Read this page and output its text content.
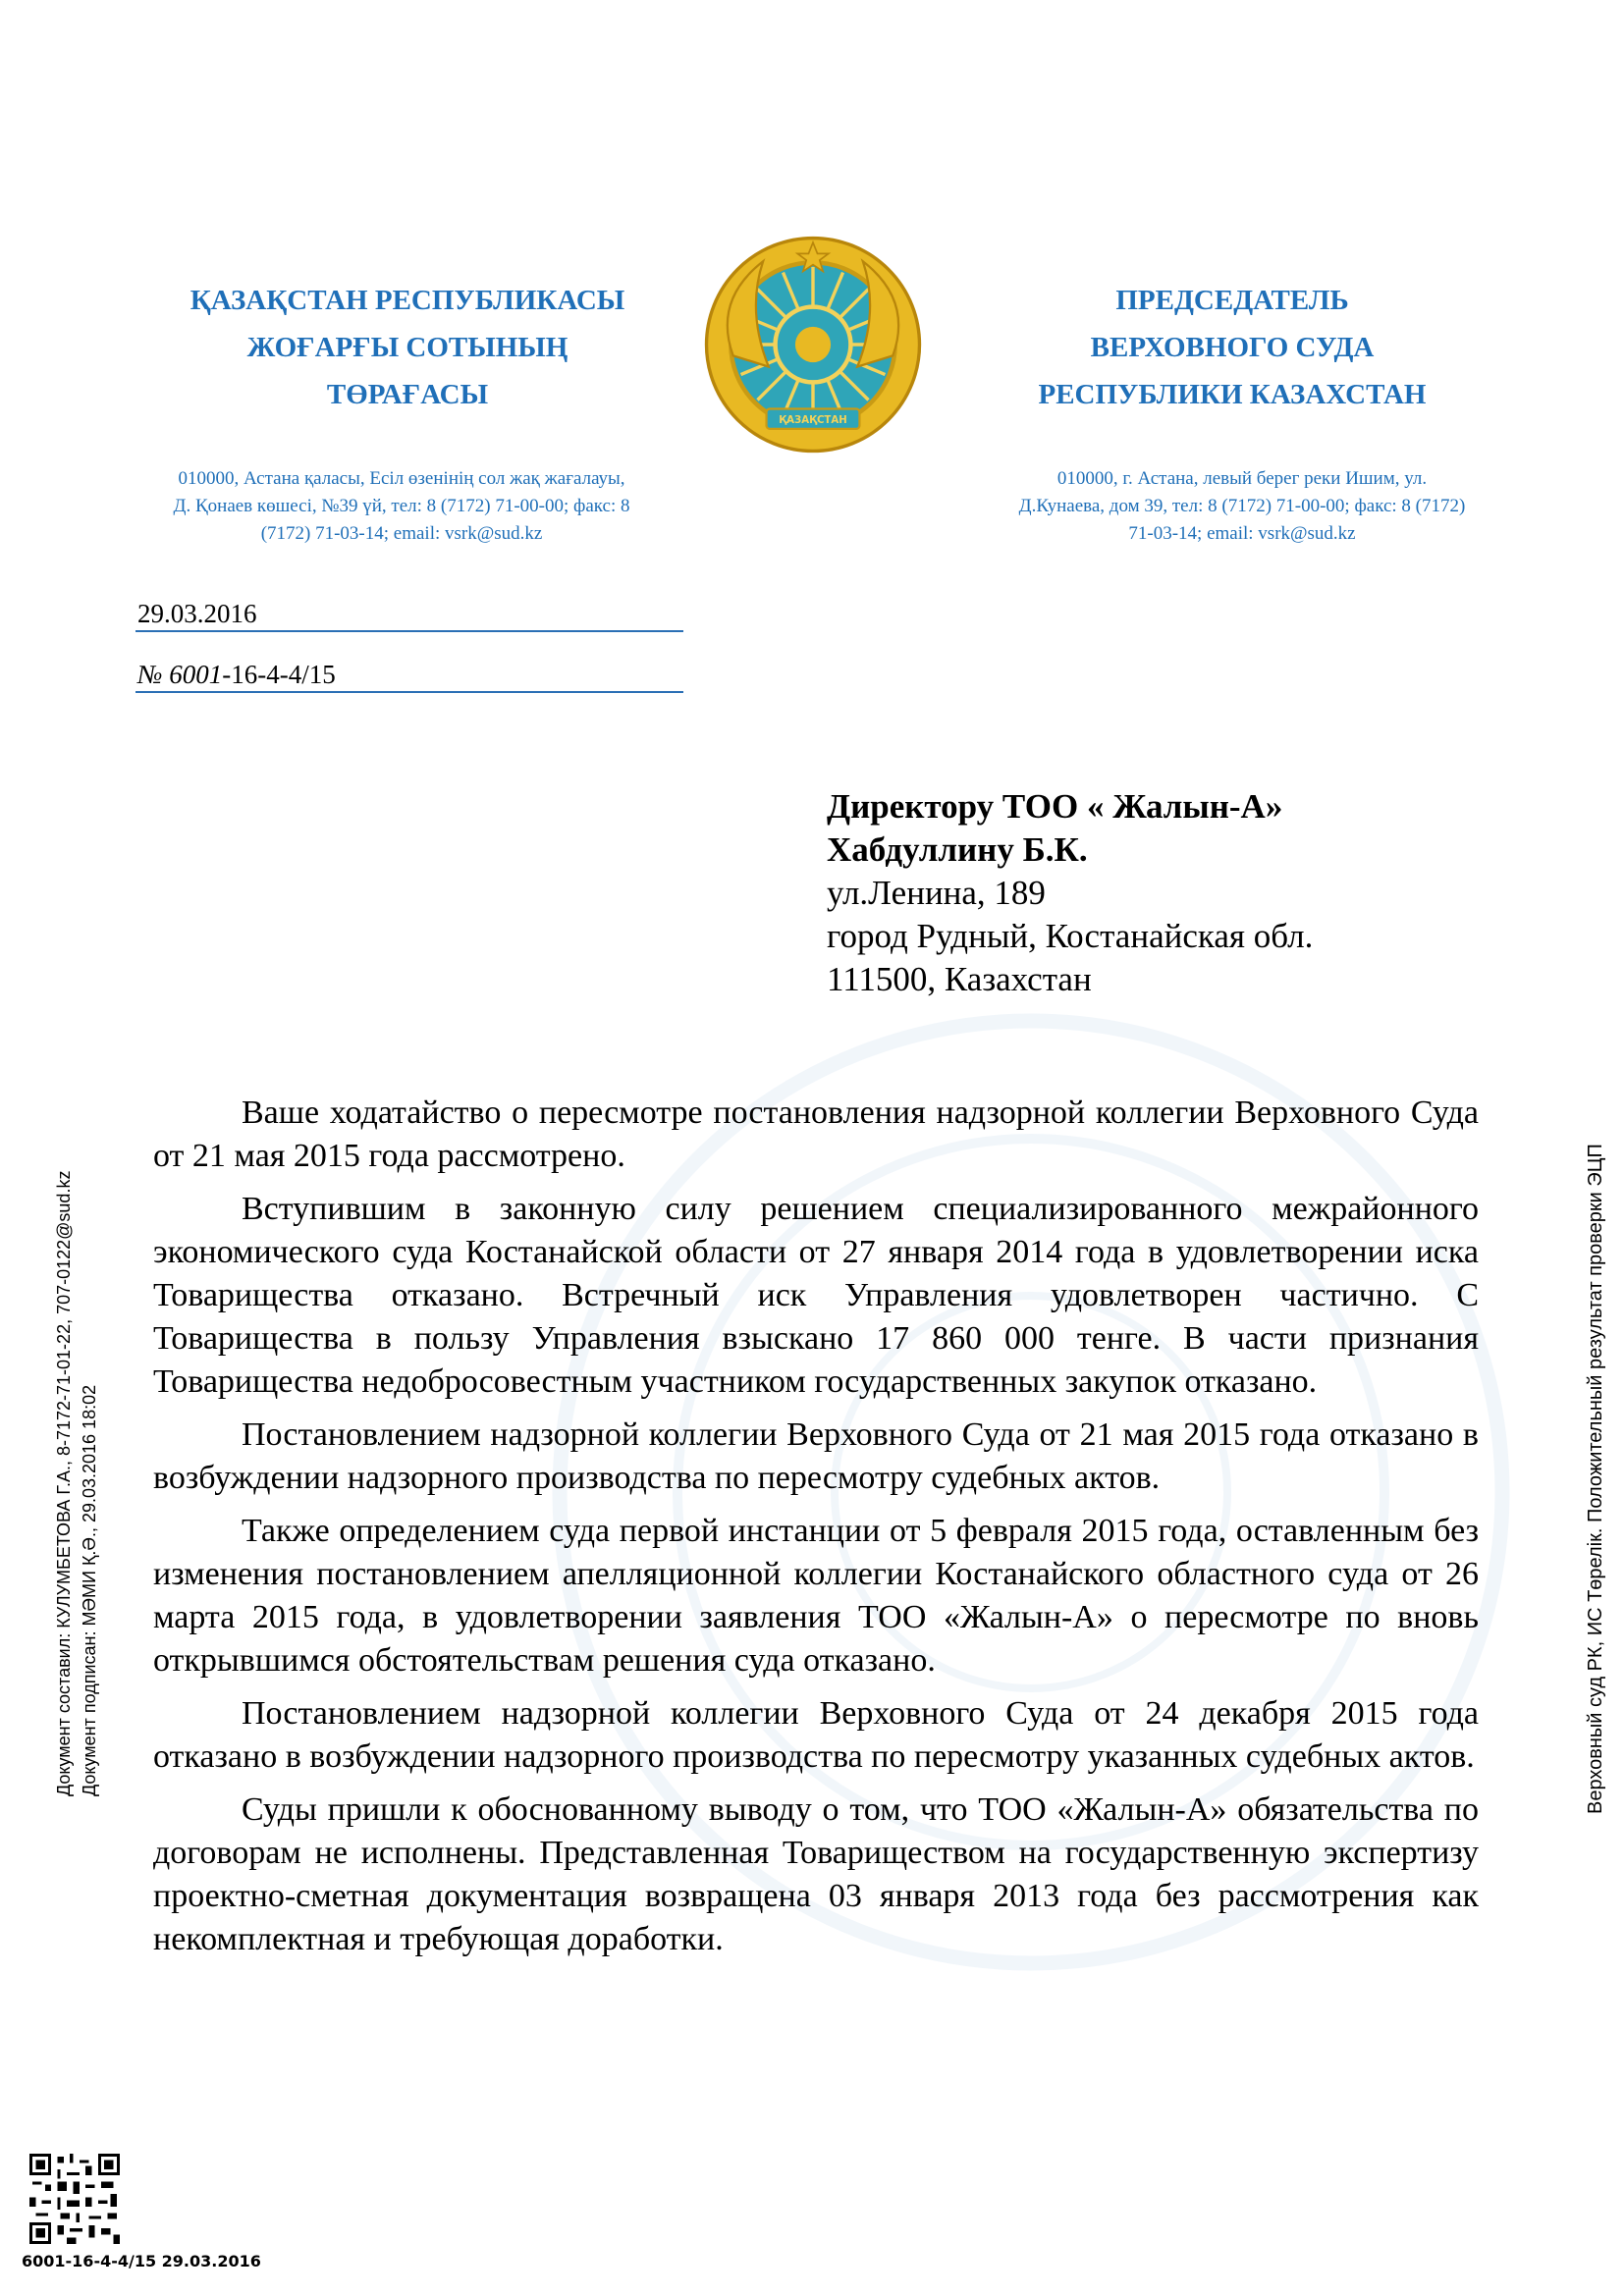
ҚАЗАҚСТАН РЕСПУБЛИКАСЫ
ЖОҒАРҒЫ СОТЫНЫҢ
ТӨРАҒАСЫ
ҚАЗАҚСТАН
ПРЕДСЕДАТЕЛЬ
ВЕРХОВНОГО СУДА
РЕСПУБЛИКИ КАЗАХСТАН
010000, Астана қаласы, Есіл өзенінің сол жақ жағалауы,
Д. Қонаев көшесі, №39 үй, тел: 8 (7172) 71-00-00; факс: 8
(7172) 71-03-14; email: vsrk@sud.kz
010000, г. Астана, левый берег реки Ишим, ул.
Д.Кунаева, дом 39, тел: 8 (7172) 71-00-00; факс: 8 (7172)
71-03-14; email: vsrk@sud.kz
29.03.2016
№ 6001-16-4-4/15
Директору ТОО « Жалын-А»
Хабдуллину Б.К.
ул.Ленина, 189
город Рудный, Костанайская обл.
111500, Казахстан

Ваше ходатайство о пересмотре постановления надзорной коллегии Верховного Суда от 21 мая 2015 года рассмотрено.

Вступившим в законную силу решением специализированного межрайонного экономического суда Костанайской области от 27 января 2014 года в удовлетворении иска Товарищества отказано. Встречный иск Управления удовлетворен частично. С Товарищества в пользу Управления взыскано 17 860 000 тенге. В части признания Товарищества недобросовестным участником государственных закупок отказано.

Постановлением надзорной коллегии Верховного Суда от 21 мая 2015 года отказано в возбуждении надзорного производства по пересмотру судебных актов.

Также определением суда первой инстанции от 5 февраля 2015 года, оставленным без изменения постановлением апелляционной коллегии Костанайского областного суда от 26 марта 2015 года, в удовлетворении заявления ТОО «Жалын-А» о пересмотре по вновь открывшимся обстоятельствам решения суда отказано.

Постановлением надзорной коллегии Верховного Суда от 24 декабря 2015 года отказано в возбуждении надзорного производства по пересмотру указанных судебных актов.

Суды пришли к обоснованному выводу о том, что ТОО «Жалын-А» обязательства по договорам не исполнены. Представленная Товариществом на государственную экспертизу проектно-сметная документация возвращена 03 января 2013 года без рассмотрения как некомплектная и требующая доработки.

Документ составил: КУЛУМБЕТОВА Г.А., 8-7172-71-01-22, 707-0122@sud.kz Документ подписан: МӘМИ Қ.Ә., 29.03.2016 18:02	Верховный суд РК, ИС Төрелік. Положительный результат проверки ЭЦП
6001-16-4-4/15 29.03.2016
